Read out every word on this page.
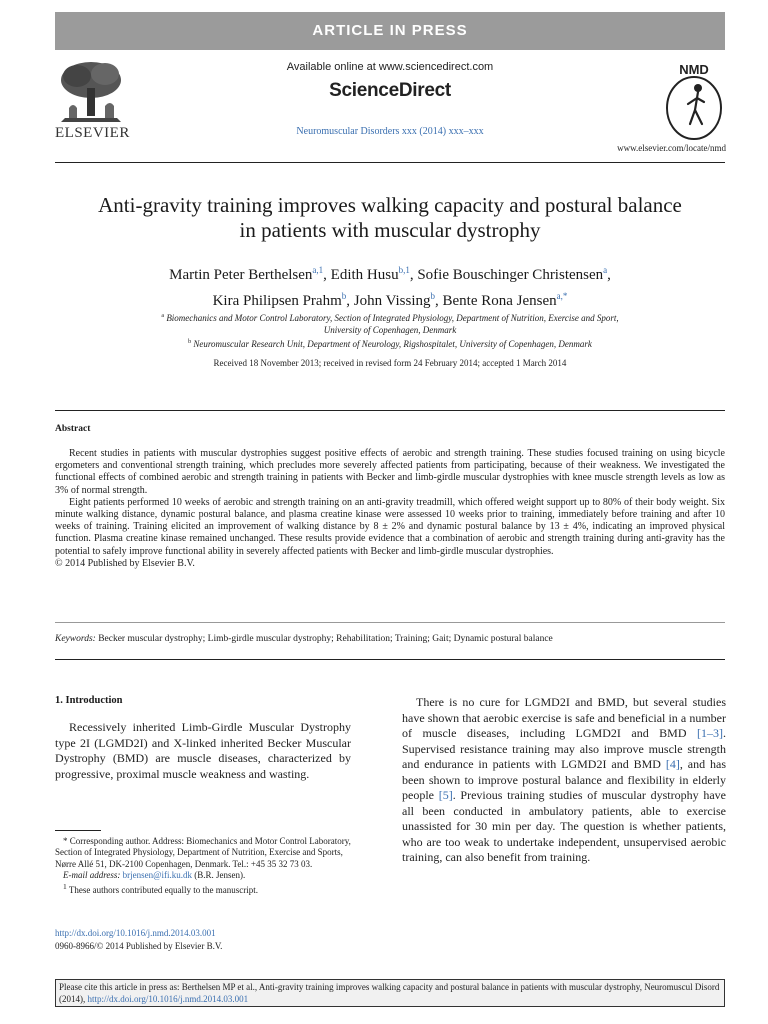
ARTICLE IN PRESS
ELSEVIER
Available online at www.sciencedirect.com
ScienceDirect
Neuromuscular Disorders xxx (2014) xxx–xxx
NMD
www.elsevier.com/locate/nmd
Anti-gravity training improves walking capacity and postural balance
in patients with muscular dystrophy
Martin Peter Berthelsen$^{a,1}$, Edith Husu$^{b,1}$, Sofie Bouschinger Christensen$^a$,
Kira Philipsen Prahm$^b$, John Vissing$^b$, Bente Rona Jensen$^{a,*}$
$^a$ Biomechanics and Motor Control Laboratory, Section of Integrated Physiology, Department of Nutrition, Exercise and Sport,
University of Copenhagen, Denmark
$^b$ Neuromuscular Research Unit, Department of Neurology, Rigshospitalet, University of Copenhagen, Denmark
Received 18 November 2013; received in revised form 24 February 2014; accepted 1 March 2014
Abstract

Recent studies in patients with muscular dystrophies suggest positive effects of aerobic and strength training. These studies focused training on using bicycle ergometers and conventional strength training, which precludes more severely affected patients from participating, because of their weakness. We investigated the functional effects of combined aerobic and strength training in patients with Becker and limb-girdle muscular dystrophies with knee muscle strength levels as low as 3% of normal strength.

Eight patients performed 10 weeks of aerobic and strength training on an anti-gravity treadmill, which offered weight support up to 80% of their body weight. Six minute walking distance, dynamic postural balance, and plasma creatine kinase were assessed 10 weeks prior to training, immediately before training and after 10 weeks of training. Training elicited an improvement of walking distance by 8 ± 2% and dynamic postural balance by 13 ± 4%, indicating an improved physical function. Plasma creatine kinase remained unchanged. These results provide evidence that a combination of aerobic and strength training during anti-gravity has the potential to safely improve functional ability in severely affected patients with Becker and limb-girdle muscular dystrophies.

© 2014 Published by Elsevier B.V.

Keywords: Becker muscular dystrophy; Limb-girdle muscular dystrophy; Rehabilitation; Training; Gait; Dynamic postural balance
1. Introduction

Recessively inherited Limb-Girdle Muscular Dystrophy type 2I (LGMD2I) and X-linked inherited Becker Muscular Dystrophy (BMD) are muscle diseases, characterized by progressive, proximal muscle weakness and wasting.

There is no cure for LGMD2I and BMD, but several studies have shown that aerobic exercise is safe and beneficial in a number of muscle diseases, including LGMD2I and BMD [1–3]. Supervised resistance training may also improve muscle strength and endurance in patients with LGMD2I and BMD [4], and has been shown to improve postural balance and flexibility in elderly people [5]. Previous training studies of muscular dystrophy have all been conducted in ambulatory patients, able to exercise unassisted for 30 min per day. The question is whether patients, who are too weak to undertake independent, unsupervised aerobic training, can also benefit from training.

* Corresponding author. Address: Biomechanics and Motor Control Laboratory, Section of Integrated Physiology, Department of Nutrition, Exercise and Sports, Nørre Allé 51, DK-2100 Copenhagen, Denmark. Tel.: +45 35 32 73 03.

E-mail address: brjensen@ifi.ku.dk (B.R. Jensen).

$^1$ These authors contributed equally to the manuscript.

http://dx.doi.org/10.1016/j.nmd.2014.03.001
0960-8966/© 2014 Published by Elsevier B.V.
Please cite this article in press as: Berthelsen MP et al., Anti-gravity training improves walking capacity and postural balance in patients with muscular dystrophy, Neuromuscul Disord (2014), http://dx.doi.org/10.1016/j.nmd.2014.03.001
